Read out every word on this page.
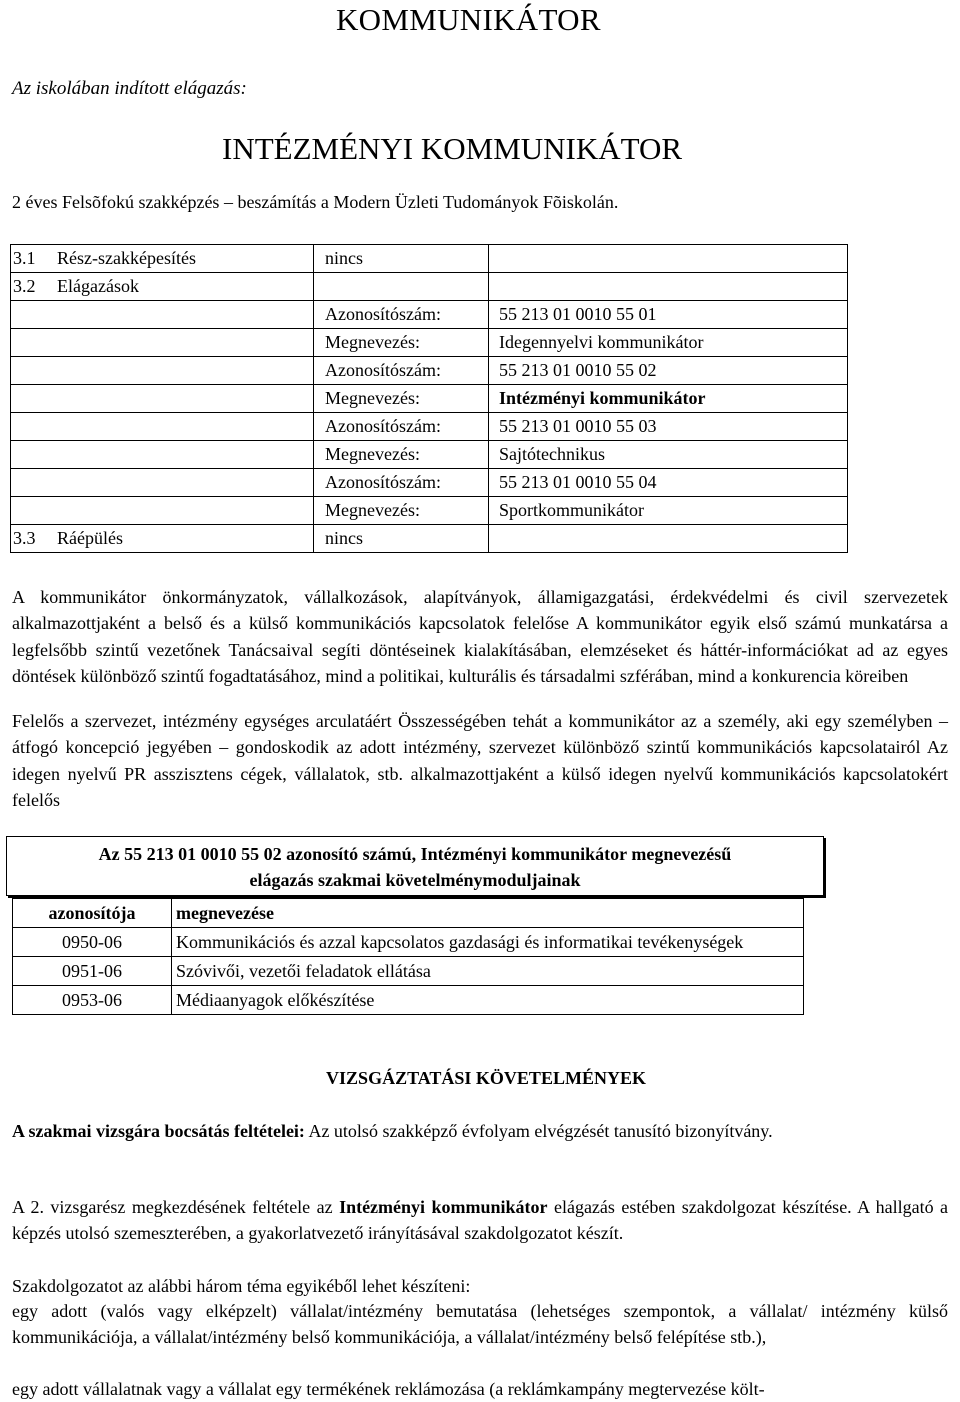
KOMMUNIKÁTOR
Az iskolában indított elágazás:
INTÉZMÉNYI KOMMUNIKÁTOR
2 éves Felsõfokú szakképzés – beszámítás a Modern Üzleti Tudományok Fõiskolán.
3.1	Rész-szakképesítés	nincs	
3.2	Elágazások		
		Azonosítószám:	55 213 01 0010 55 01
		Megnevezés:	Idegennyelvi kommunikátor
		Azonosítószám:	55 213 01 0010 55 02
		Megnevezés:	Intézményi kommunikátor
		Azonosítószám:	55 213 01 0010 55 03
		Megnevezés:	Sajtótechnikus
		Azonosítószám:	55 213 01 0010 55 04
		Megnevezés:	Sportkommunikátor
3.3	Ráépülés	nincs	
A kommunikátor önkormányzatok, vállalkozások, alapítványok, államigazgatási, érdekvédelmi és civil szervezetek alkalmazottjaként a belső és a külső kommunikációs kapcsolatok felelőse A kommunikátor egyik első számú munkatársa a legfelsőbb szintű vezetőnek Tanácsaival segíti döntéseinek kialakításában, elemzéseket és háttér-információkat ad az egyes döntések különböző szintű fogadtatásához, mind a politikai, kulturális és társadalmi szférában, mind a konkurencia köreiben
Felelős a szervezet, intézmény egységes arculatáért Összességében tehát a kommunikátor az a személy, aki egy személyben – átfogó koncepció jegyében – gondoskodik az adott intézmény, szervezet különböző szintű kommunikációs kapcsolatairól Az idegen nyelvű PR asszisztens cégek, vállalatok, stb. alkalmazottjaként a külső idegen nyelvű kommunikációs kapcsolatokért felelős
Az 55 213 01 0010 55 02 azonosító számú, Intézményi kommunikátor megnevezésű
elágazás szakmai követelménymoduljainak
azonosítója	megnevezése
0950-06	Kommunikációs és azzal kapcsolatos gazdasági és informatikai tevékenységek
0951-06	Szóvivői, vezetői feladatok ellátása
0953-06	Médiaanyagok előkészítése
VIZSGÁZTATÁSI KÖVETELMÉNYEK
A szakmai vizsgára bocsátás feltételei: Az utolsó szakképző évfolyam elvégzését tanusító bizonyítvány.
A 2. vizsgarész megkezdésének feltétele az Intézményi kommunikátor elágazás estében szakdolgozat készítése. A hallgató a képzés utolsó szemeszterében, a gyakorlatvezető irányításával szakdolgozatot készít.
Szakdolgozatot az alábbi három téma egyikéből lehet készíteni:
egy adott (valós vagy elképzelt) vállalat/intézmény bemutatása (lehetséges szempontok, a vállalat/ intézmény külső kommunikációja, a vállalat/intézmény belső kommunikációja, a vállalat/intézmény belső felépítése stb.),
egy adott vállalatnak vagy a vállalat egy termékének reklámozása (a reklámkampány megtervezése költ-
